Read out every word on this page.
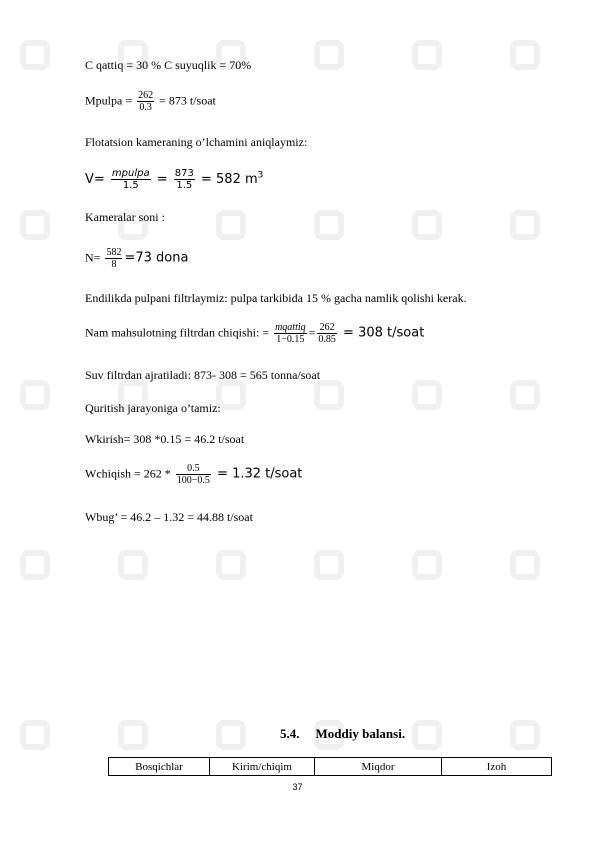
C qattiq = 30 % C suyuqlik = 70%
Mpulpa = $\frac{262}{0.3} = 873$ t/soat
Flotatsion kameraning o’lchamini aniqlaymiz:
$V= \frac{\text{mpulpa}}{1.5} = \frac{873}{1.5} = 582$ $m^3$
Kameralar soni :
$N= \frac{582}{8} =73$ dona
Endilikda pulpani filtrlaymiz: pulpa tarkibida 15 % gacha namlik qolishi kerak.
Nam mahsulotning filtrdan chiqishi: = $\frac{\text{mqattiq}}{1-0.15} = \frac{262}{0.85} = 308$ t/soat
Suv filtrdan ajratiladi: 873- 308 = 565 tonna/soat
Quritish jarayoniga o’tamiz:
Wkirish= 308 *0.15 = 46.2 t/soat
Wchiqish = $262 * \frac{0.5}{100-0.5} = 1.32$ t/soat
Wbug’ = 46.2 – 1.32 = 44.88 t/soat
5.4. Moddiy balansi.
Bosqichlar	Kirim/chiqim	Miqdor	Izoh
37
